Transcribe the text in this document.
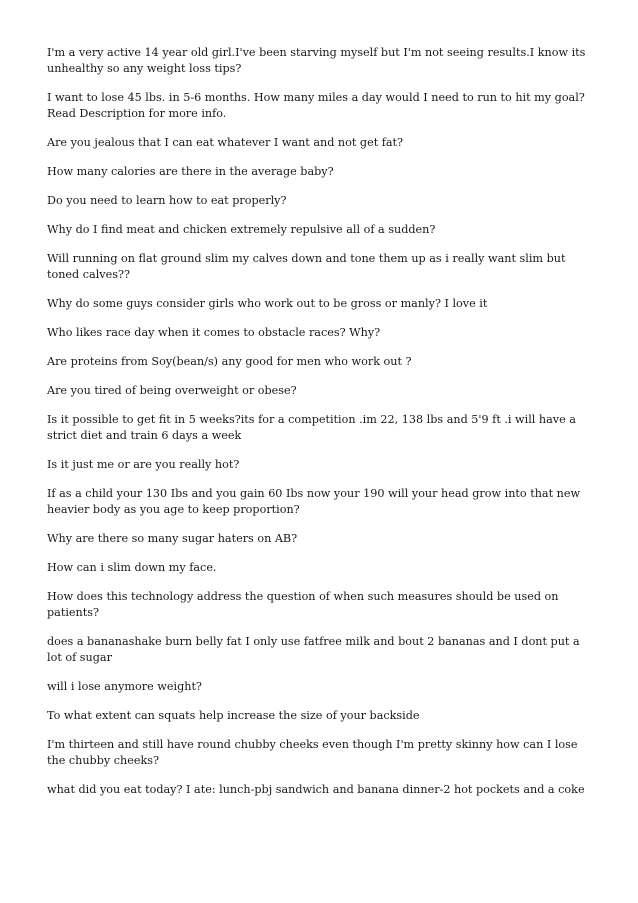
I'm a very active 14 year old girl.I've been starving myself but I'm not seeing results.I know its unhealthy so any weight loss tips?
I want to lose 45 lbs. in 5-6 months. How many miles a day would I need to run to hit my goal? Read Description for more info.
Are you jealous that I can eat whatever I want and not get fat?
How many calories are there in the average baby?
Do you need to learn how to eat properly?
Why do I find meat and chicken extremely repulsive all of a sudden?
Will running on flat ground slim my calves down and tone them up as i really want slim but toned calves??
Why do some guys consider girls who work out to be gross or manly? I love it
Who likes race day when it comes to obstacle races? Why?
Are proteins from Soy(bean/s) any good for men who work out ?
Are you tired of being overweight or obese?
Is it possible to get fit in 5 weeks?its for a competition .im 22, 138 lbs and 5'9 ft .i will have a strict diet and train 6 days a week
Is it just me or are you really hot?
If as a child your 130 Ibs and you gain 60 Ibs now your 190 will your head grow into that new heavier body as you age to keep proportion?
Why are there so many sugar haters on AB?
How can i slim down my face.
How does this technology address the question of when such measures should be used on patients?
does a bananashake burn belly fat I only use fatfree milk and bout 2 bananas and I dont put a lot of sugar
will i lose anymore weight?
To what extent can squats help increase the size of your backside
I'm thirteen and still have round chubby cheeks even though I'm pretty skinny how can I lose the chubby cheeks?
what did you eat today? I ate: lunch-pbj sandwich and banana dinner-2 hot pockets and a coke
